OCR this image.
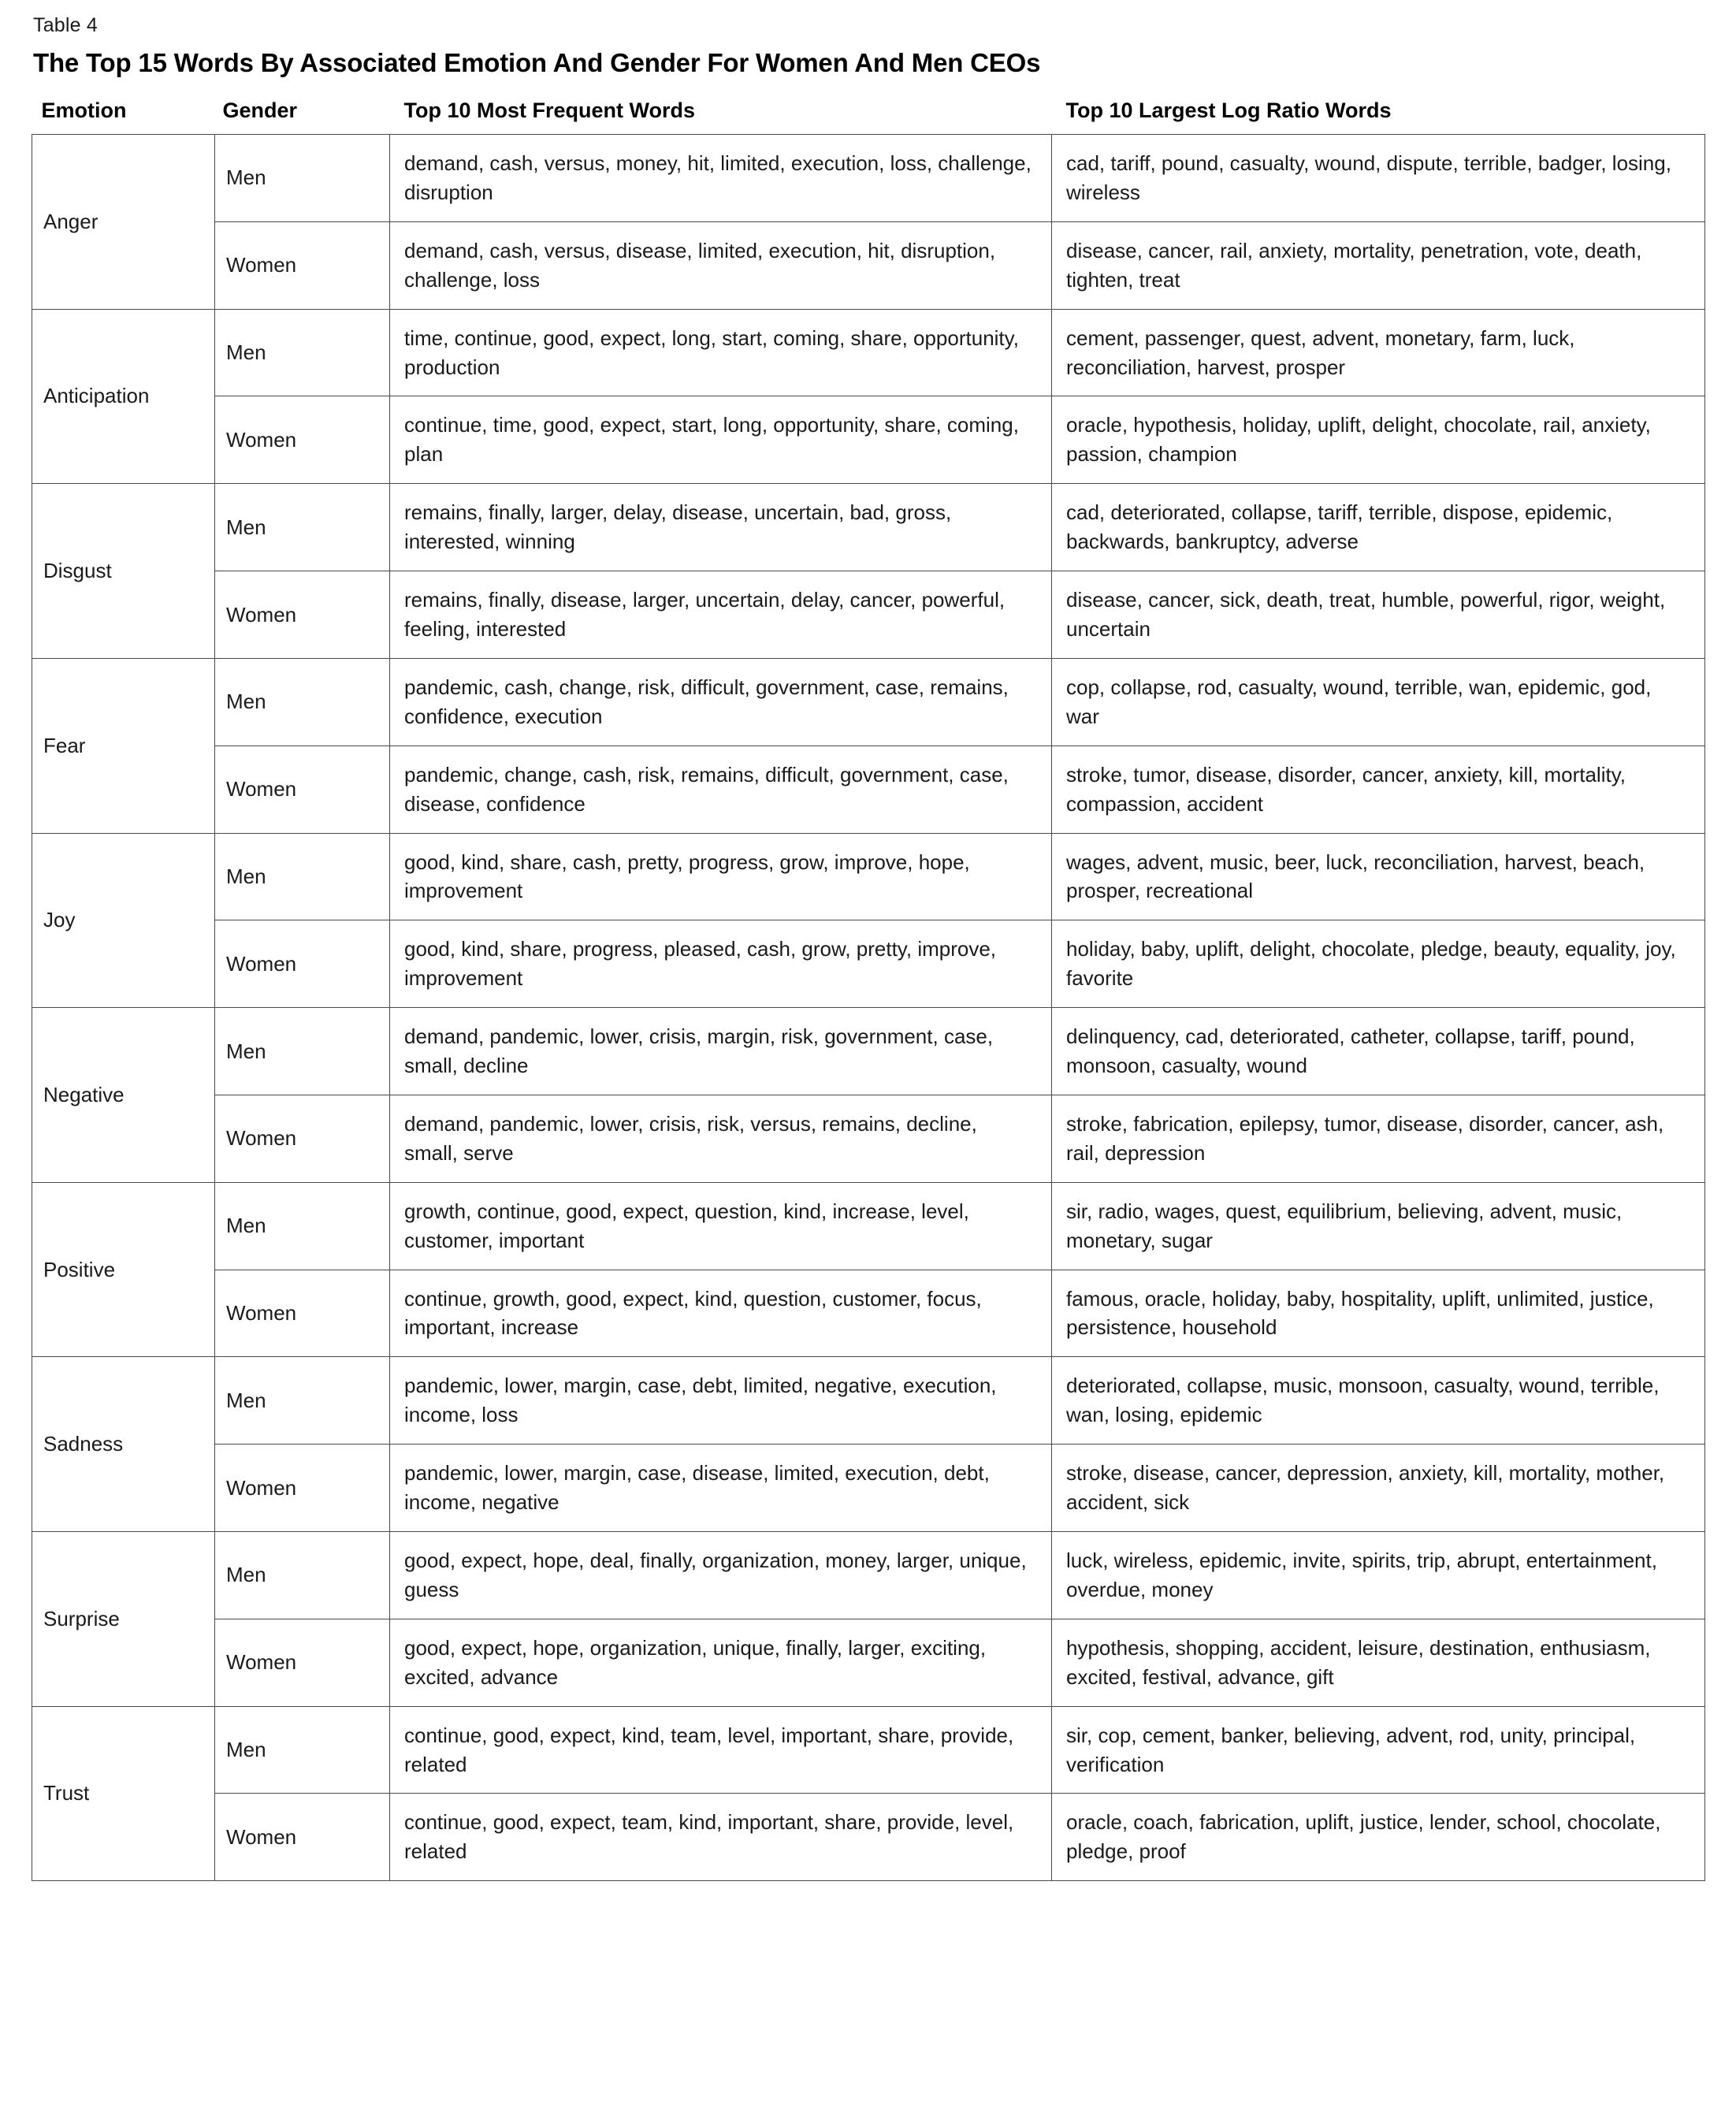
Table 4
The Top 15 Words By Associated Emotion And Gender For Women And Men CEOs
Emotion	Gender	Top 10 Most Frequent Words	Top 10 Largest Log Ratio Words

Anger	Men	demand, cash, versus, money, hit, limited, execution, loss, challenge, disruption	cad, tariff, pound, casualty, wound, dispute, terrible, badger, losing, wireless
	Women	demand, cash, versus, disease, limited, execution, hit, disruption, challenge, loss	disease, cancer, rail, anxiety, mortality, penetration, vote, death, tighten, treat

Anticipation	Men	time, continue, good, expect, long, start, coming, share, opportunity, production	cement, passenger, quest, advent, monetary, farm, luck, reconciliation, harvest, prosper
	Women	continue, time, good, expect, start, long, opportunity, share, coming, plan	oracle, hypothesis, holiday, uplift, delight, chocolate, rail, anxiety, passion, champion

Disgust	Men	remains, finally, larger, delay, disease, uncertain, bad, gross, interested, winning	cad, deteriorated, collapse, tariff, terrible, dispose, epidemic, backwards, bankruptcy, adverse
	Women	remains, finally, disease, larger, uncertain, delay, cancer, powerful, feeling, interested	disease, cancer, sick, death, treat, humble, powerful, rigor, weight, uncertain

Fear	Men	pandemic, cash, change, risk, difficult, government, case, remains, confidence, execution	cop, collapse, rod, casualty, wound, terrible, wan, epidemic, god, war
	Women	pandemic, change, cash, risk, remains, difficult, government, case, disease, confidence	stroke, tumor, disease, disorder, cancer, anxiety, kill, mortality, compassion, accident

Joy	Men	good, kind, share, cash, pretty, progress, grow, improve, hope, improvement	wages, advent, music, beer, luck, reconciliation, harvest, beach, prosper, recreational
	Women	good, kind, share, progress, pleased, cash, grow, pretty, improve, improvement	holiday, baby, uplift, delight, chocolate, pledge, beauty, equality, joy, favorite

Negative	Men	demand, pandemic, lower, crisis, margin, risk, government, case, small, decline	delinquency, cad, deteriorated, catheter, collapse, tariff, pound, monsoon, casualty, wound
	Women	demand, pandemic, lower, crisis, risk, versus, remains, decline, small, serve	stroke, fabrication, epilepsy, tumor, disease, disorder, cancer, ash, rail, depression

Positive	Men	growth, continue, good, expect, question, kind, increase, level, customer, important	sir, radio, wages, quest, equilibrium, believing, advent, music, monetary, sugar
	Women	continue, growth, good, expect, kind, question, customer, focus, important, increase	famous, oracle, holiday, baby, hospitality, uplift, unlimited, justice, persistence, household

Sadness	Men	pandemic, lower, margin, case, debt, limited, negative, execution, income, loss	deteriorated, collapse, music, monsoon, casualty, wound, terrible, wan, losing, epidemic
	Women	pandemic, lower, margin, case, disease, limited, execution, debt, income, negative	stroke, disease, cancer, depression, anxiety, kill, mortality, mother, accident, sick

Surprise	Men	good, expect, hope, deal, finally, organization, money, larger, unique, guess	luck, wireless, epidemic, invite, spirits, trip, abrupt, entertainment, overdue, money
	Women	good, expect, hope, organization, unique, finally, larger, exciting, excited, advance	hypothesis, shopping, accident, leisure, destination, enthusiasm, excited, festival, advance, gift

Trust	Men	continue, good, expect, kind, team, level, important, share, provide, related	sir, cop, cement, banker, believing, advent, rod, unity, principal, verification
	Women	continue, good, expect, team, kind, important, share, provide, level, related	oracle, coach, fabrication, uplift, justice, lender, school, chocolate, pledge, proof
